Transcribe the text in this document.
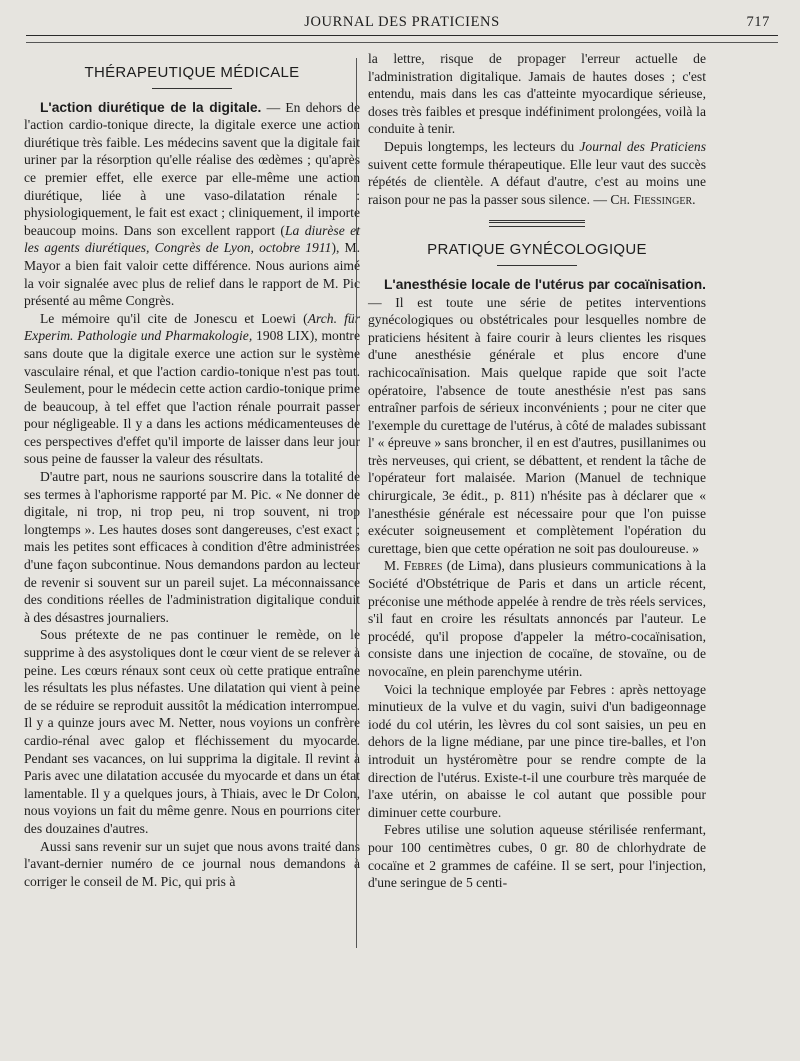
JOURNAL DES PRATICIENS	717
THÉRAPEUTIQUE MÉDICALE

L'action diurétique de la digitale. — En dehors de l'action cardio-tonique directe, la digitale exerce une action diurétique très faible. Les médecins savent que la digitale fait uriner par la résorption qu'elle réalise des œdèmes ; qu'après ce premier effet, elle exerce par elle-même une action diurétique, liée à une vaso-dilatation rénale : physiologiquement, le fait est exact ; cliniquement, il importe beaucoup moins. Dans son excellent rapport (La diurèse et les agents diurétiques, Congrès de Lyon, octobre 1911), M. Mayor a bien fait valoir cette différence. Nous aurions aimé la voir signalée avec plus de relief dans le rapport de M. Pic présenté au même Congrès.

Le mémoire qu'il cite de Jonescu et Loewi (Arch. für Experim. Pathologie und Pharmakologie, 1908 LIX), montre sans doute que la digitale exerce une action sur le système vasculaire rénal, et que l'action cardio-tonique n'est pas tout. Seulement, pour le médecin cette action cardio-tonique prime de beaucoup, à tel effet que l'action rénale pourrait passer pour négligeable. Il y a dans les actions médicamenteuses de ces perspectives d'effet qu'il importe de laisser dans leur jour sous peine de fausser la valeur des résultats.

D'autre part, nous ne saurions souscrire dans la totalité de ses termes à l'aphorisme rapporté par M. Pic. « Ne donner de digitale, ni trop, ni trop peu, ni trop souvent, ni trop longtemps ». Les hautes doses sont dangereuses, c'est exact ; mais les petites sont efficaces à condition d'être administrées d'une façon subcontinue. Nous demandons pardon au lecteur de revenir si souvent sur un pareil sujet. La méconnaissance des conditions réelles de l'administration digitalique conduit à des désastres journaliers.

Sous prétexte de ne pas continuer le remède, on le supprime à des asystoliques dont le cœur vient de se relever à peine. Les cœurs rénaux sont ceux où cette pratique entraîne les résultats les plus néfastes. Une dilatation qui vient à peine de se réduire se reproduit aussitôt la médication interrompue. Il y a quinze jours avec M. Netter, nous voyions un confrère cardio-rénal avec galop et fléchissement du myocarde. Pendant ses vacances, on lui supprima la digitale. Il revint à Paris avec une dilatation accusée du myocarde et dans un état lamentable. Il y a quelques jours, à Thiais, avec le Dr Colon, nous voyions un fait du même genre. Nous en pourrions citer des douzaines d'autres.

Aussi sans revenir sur un sujet que nous avons traité dans l'avant-dernier numéro de ce journal nous demandons à corriger le conseil de M. Pic, qui pris à

la lettre, risque de propager l'erreur actuelle de l'administration digitalique. Jamais de hautes doses ; c'est entendu, mais dans les cas d'atteinte myocardique sérieuse, doses très faibles et presque indéfiniment prolongées, voilà la conduite à tenir.

Depuis longtemps, les lecteurs du Journal des Praticiens suivent cette formule thérapeutique. Elle leur vaut des succès répétés de clientèle. A défaut d'autre, c'est au moins une raison pour ne pas la passer sous silence. — Ch. Fiessinger.

PRATIQUE GYNÉCOLOGIQUE

L'anesthésie locale de l'utérus par cocaïnisation. — Il est toute une série de petites interventions gynécologiques ou obstétricales pour lesquelles nombre de praticiens hésitent à faire courir à leurs clientes les risques d'une anesthésie générale et plus encore d'une rachicocaïnisation. Mais quelque rapide que soit l'acte opératoire, l'absence de toute anesthésie n'est pas sans entraîner parfois de sérieux inconvénients ; pour ne citer que l'exemple du curettage de l'utérus, à côté de malades subissant l' « épreuve » sans broncher, il en est d'autres, pusillanimes ou très nerveuses, qui crient, se débattent, et rendent la tâche de l'opérateur fort malaisée. Marion (Manuel de technique chirurgicale, 3e édit., p. 811) n'hésite pas à déclarer que « l'anesthésie générale est nécessaire pour que l'on puisse exécuter soigneusement et complètement l'opération du curettage, bien que cette opération ne soit pas douloureuse. »

M. Febres (de Lima), dans plusieurs communications à la Société d'Obstétrique de Paris et dans un article récent, préconise une méthode appelée à rendre de très réels services, s'il faut en croire les résultats annoncés par l'auteur. Le procédé, qu'il propose d'appeler la métro-cocaïnisation, consiste dans une injection de cocaïne, de stovaïne, ou de novocaïne, en plein parenchyme utérin.

Voici la technique employée par Febres : après nettoyage minutieux de la vulve et du vagin, suivi d'un badigeonnage iodé du col utérin, les lèvres du col sont saisies, un peu en dehors de la ligne médiane, par une pince tire-balles, et l'on introduit un hystéromètre pour se rendre compte de la direction de l'utérus. Existe-t-il une courbure très marquée de l'axe utérin, on abaisse le col autant que possible pour diminuer cette courbure.

Febres utilise une solution aqueuse stérilisée renfermant, pour 100 centimètres cubes, 0 gr. 80 de chlorhydrate de cocaïne et 2 grammes de caféine. Il se sert, pour l'injection, d'une seringue de 5 centi-
